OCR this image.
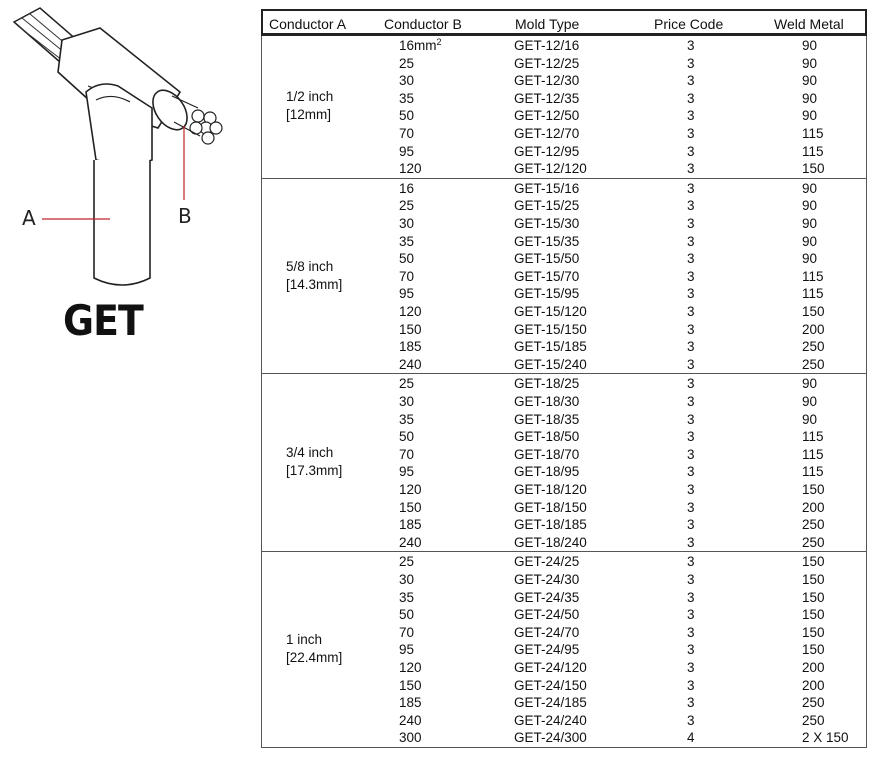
A	B
GET
Conductor A	Conductor B	Mold Type	Price Code	Weld Metal
1/2 inch
[12mm]
$16mm^2$	GET-12/16	3	90
25	GET-12/25	3	90
30	GET-12/30	3	90
35	GET-12/35	3	90
50	GET-12/50	3	90
70	GET-12/70	3	115
95	GET-12/95	3	115
120	GET-12/120	3	150
5/8 inch
[14.3mm]
16	GET-15/16	3	90
25	GET-15/25	3	90
30	GET-15/30	3	90
35	GET-15/35	3	90
50	GET-15/50	3	90
70	GET-15/70	3	115
95	GET-15/95	3	115
120	GET-15/120	3	150
150	GET-15/150	3	200
185	GET-15/185	3	250
240	GET-15/240	3	250
3/4 inch
[17.3mm]
25	GET-18/25	3	90
30	GET-18/30	3	90
35	GET-18/35	3	90
50	GET-18/50	3	115
70	GET-18/70	3	115
95	GET-18/95	3	115
120	GET-18/120	3	150
150	GET-18/150	3	200
185	GET-18/185	3	250
240	GET-18/240	3	250
1 inch
[22.4mm]
25	GET-24/25	3	150
30	GET-24/30	3	150
35	GET-24/35	3	150
50	GET-24/50	3	150
70	GET-24/70	3	150
95	GET-24/95	3	150
120	GET-24/120	3	200
150	GET-24/150	3	200
185	GET-24/185	3	250
240	GET-24/240	3	250
300	GET-24/300	4	2 X 150
